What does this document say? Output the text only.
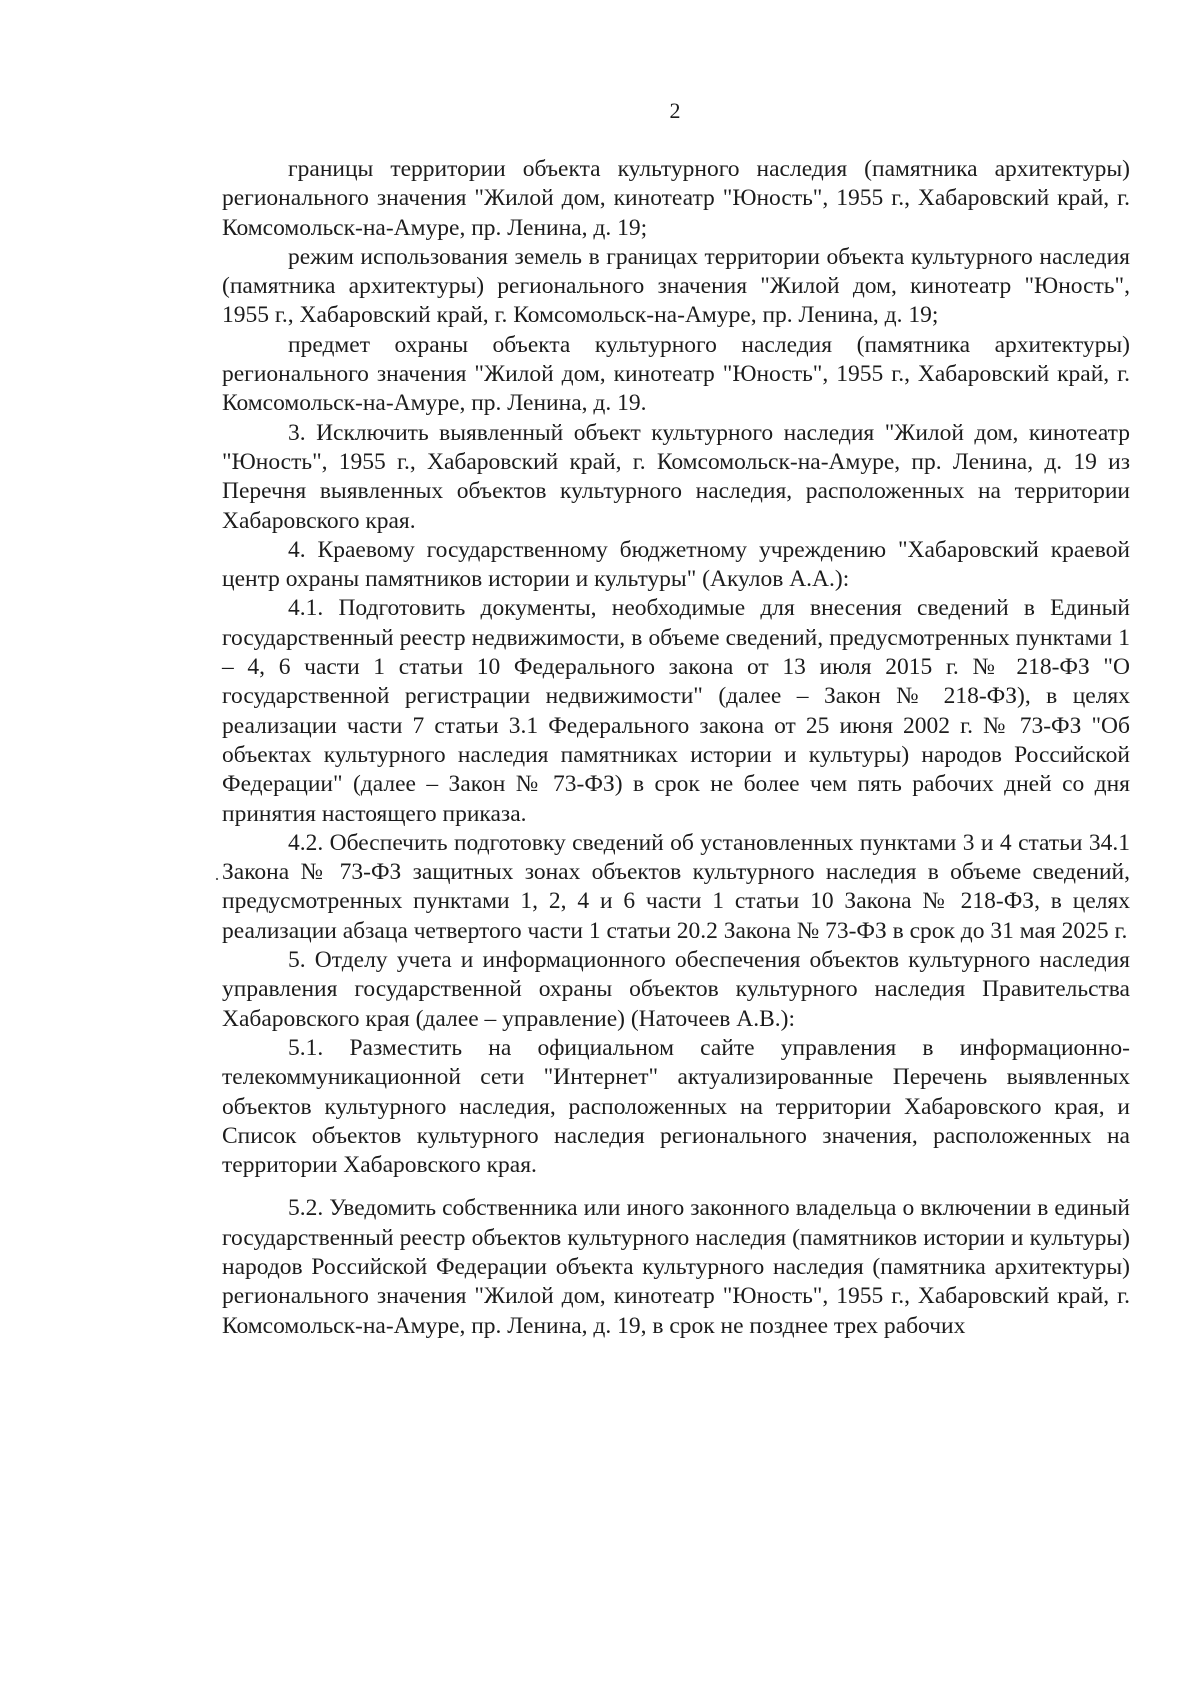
2
·

границы территории объекта культурного наследия (памятника архитектуры) регионального значения "Жилой дом, кинотеатр "Юность", 1955 г., Хабаровский край, г. Комсомольск-на-Амуре, пр. Ленина, д. 19;

режим использования земель в границах территории объекта культурного наследия (памятника архитектуры) регионального значения "Жилой дом, кинотеатр "Юность", 1955 г., Хабаровский край, г. Комсомольск-на-Амуре, пр. Ленина, д. 19;

предмет охраны объекта культурного наследия (памятника архитектуры) регионального значения "Жилой дом, кинотеатр "Юность", 1955 г., Хабаровский край, г. Комсомольск-на-Амуре, пр. Ленина, д. 19.

3. Исключить выявленный объект культурного наследия "Жилой дом, кинотеатр "Юность", 1955 г., Хабаровский край, г. Комсомольск-на-Амуре, пр. Ленина, д. 19 из Перечня выявленных объектов культурного наследия, расположенных на территории Хабаровского края.

4. Краевому государственному бюджетному учреждению "Хабаровский краевой центр охраны памятников истории и культуры" (Акулов А.А.):

4.1. Подготовить документы, необходимые для внесения сведений в Единый государственный реестр недвижимости, в объеме сведений, предусмотренных пунктами 1 – 4, 6 части 1 статьи 10 Федерального закона от 13 июля 2015 г. № 218-ФЗ "О государственной регистрации недвижимости" (далее – Закон № 218-ФЗ), в целях реализации части 7 статьи 3.1 Федерального закона от 25 июня 2002 г. № 73-ФЗ "Об объектах культурного наследия памятниках истории и культуры) народов Российской Федерации" (далее – Закон № 73-ФЗ) в срок не более чем пять рабочих дней со дня принятия настоящего приказа.

4.2. Обеспечить подготовку сведений об установленных пунктами 3 и 4 статьи 34.1 Закона № 73-ФЗ защитных зонах объектов культурного наследия в объеме сведений, предусмотренных пунктами 1, 2, 4 и 6 части 1 статьи 10 Закона № 218-ФЗ, в целях реализации абзаца четвертого части 1 статьи 20.2 Закона № 73-ФЗ в срок до 31 мая 2025 г.

5. Отделу учета и информационного обеспечения объектов культурного наследия управления государственной охраны объектов культурного наследия Правительства Хабаровского края (далее – управление) (Наточеев А.В.):

5.1. Разместить на официальном сайте управления в информационно-телекоммуникационной сети "Интернет" актуализированные Перечень выявленных объектов культурного наследия, расположенных на территории Хабаровского края, и Список объектов культурного наследия регионального значения, расположенных на территории Хабаровского края.

5.2. Уведомить собственника или иного законного владельца о включении в единый государственный реестр объектов культурного наследия (памятников истории и культуры) народов Российской Федерации объекта культурного наследия (памятника архитектуры) регионального значения "Жилой дом, кинотеатр "Юность", 1955 г., Хабаровский край, г. Комсомольск-на-Амуре, пр. Ленина, д. 19, в срок не позднее трех рабочих
